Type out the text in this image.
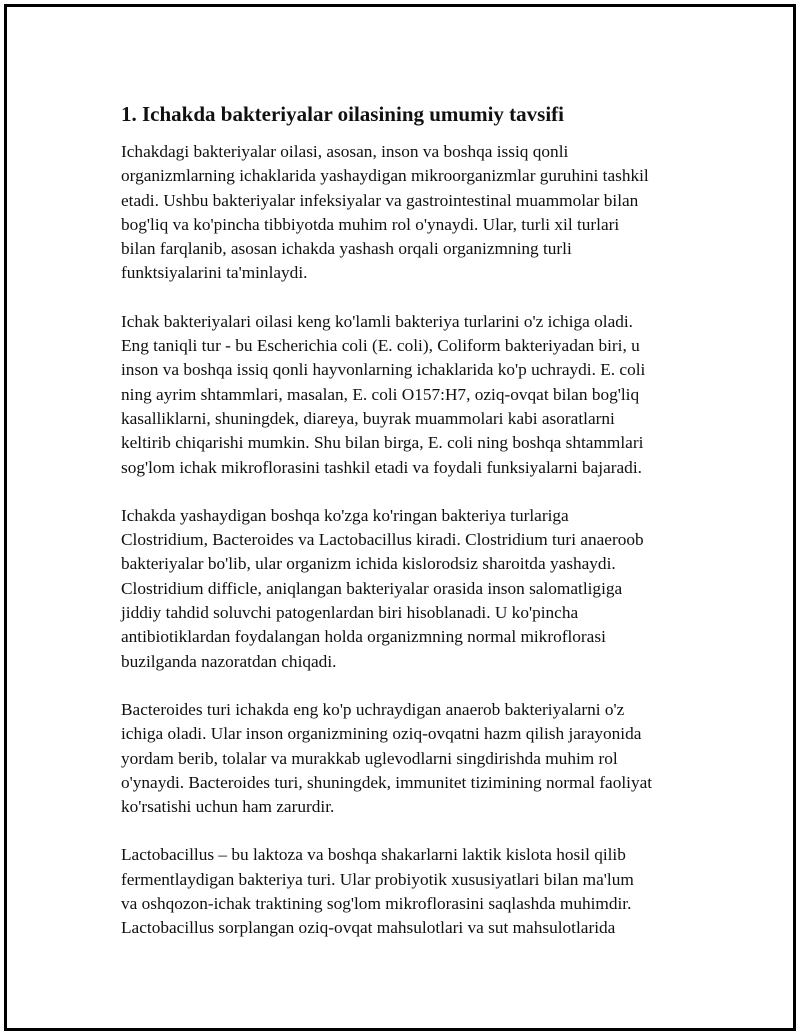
1. Ichakda bakteriyalar oilasining umumiy tavsifi

Ichakdagi bakteriyalar oilasi, asosan, inson va boshqa issiq qonli
organizmlarning ichaklarida yashaydigan mikroorganizmlar guruhini tashkil
etadi. Ushbu bakteriyalar infeksiyalar va gastrointestinal muammolar bilan
bog'liq va ko'pincha tibbiyotda muhim rol o'ynaydi. Ular, turli xil turlari
bilan farqlanib, asosan ichakda yashash orqali organizmning turli
funktsiyalarini ta'minlaydi.

Ichak bakteriyalari oilasi keng ko'lamli bakteriya turlarini o'z ichiga oladi.
Eng taniqli tur - bu Escherichia coli (E. coli), Coliform bakteriyadan biri, u
inson va boshqa issiq qonli hayvonlarning ichaklarida ko'p uchraydi. E. coli
ning ayrim shtammlari, masalan, E. coli O157:H7, oziq-ovqat bilan bog'liq
kasalliklarni, shuningdek, diareya, buyrak muammolari kabi asoratlarni
keltirib chiqarishi mumkin. Shu bilan birga, E. coli ning boshqa shtammlari
sog'lom ichak mikroflorasini tashkil etadi va foydali funksiyalarni bajaradi.

Ichakda yashaydigan boshqa ko'zga ko'ringan bakteriya turlariga
Clostridium, Bacteroides va Lactobacillus kiradi. Clostridium turi anaeroob
bakteriyalar bo'lib, ular organizm ichida kislorodsiz sharoitda yashaydi.
Clostridium difficle, aniqlangan bakteriyalar orasida inson salomatligiga
jiddiy tahdid soluvchi patogenlardan biri hisoblanadi. U ko'pincha
antibiotiklardan foydalangan holda organizmning normal mikroflorasi
buzilganda nazoratdan chiqadi.

Bacteroides turi ichakda eng ko'p uchraydigan anaerob bakteriyalarni o'z
ichiga oladi. Ular inson organizmining oziq-ovqatni hazm qilish jarayonida
yordam berib, tolalar va murakkab uglevodlarni singdirishda muhim rol
o'ynaydi. Bacteroides turi, shuningdek, immunitet tizimining normal faoliyat
ko'rsatishi uchun ham zarurdir.

Lactobacillus – bu laktoza va boshqa shakarlarni laktik kislota hosil qilib
fermentlaydigan bakteriya turi. Ular probiyotik xususiyatlari bilan ma'lum
va oshqozon-ichak traktining sog'lom mikroflorasini saqlashda muhimdir.
Lactobacillus sorplangan oziq-ovqat mahsulotlari va sut mahsulotlarida
